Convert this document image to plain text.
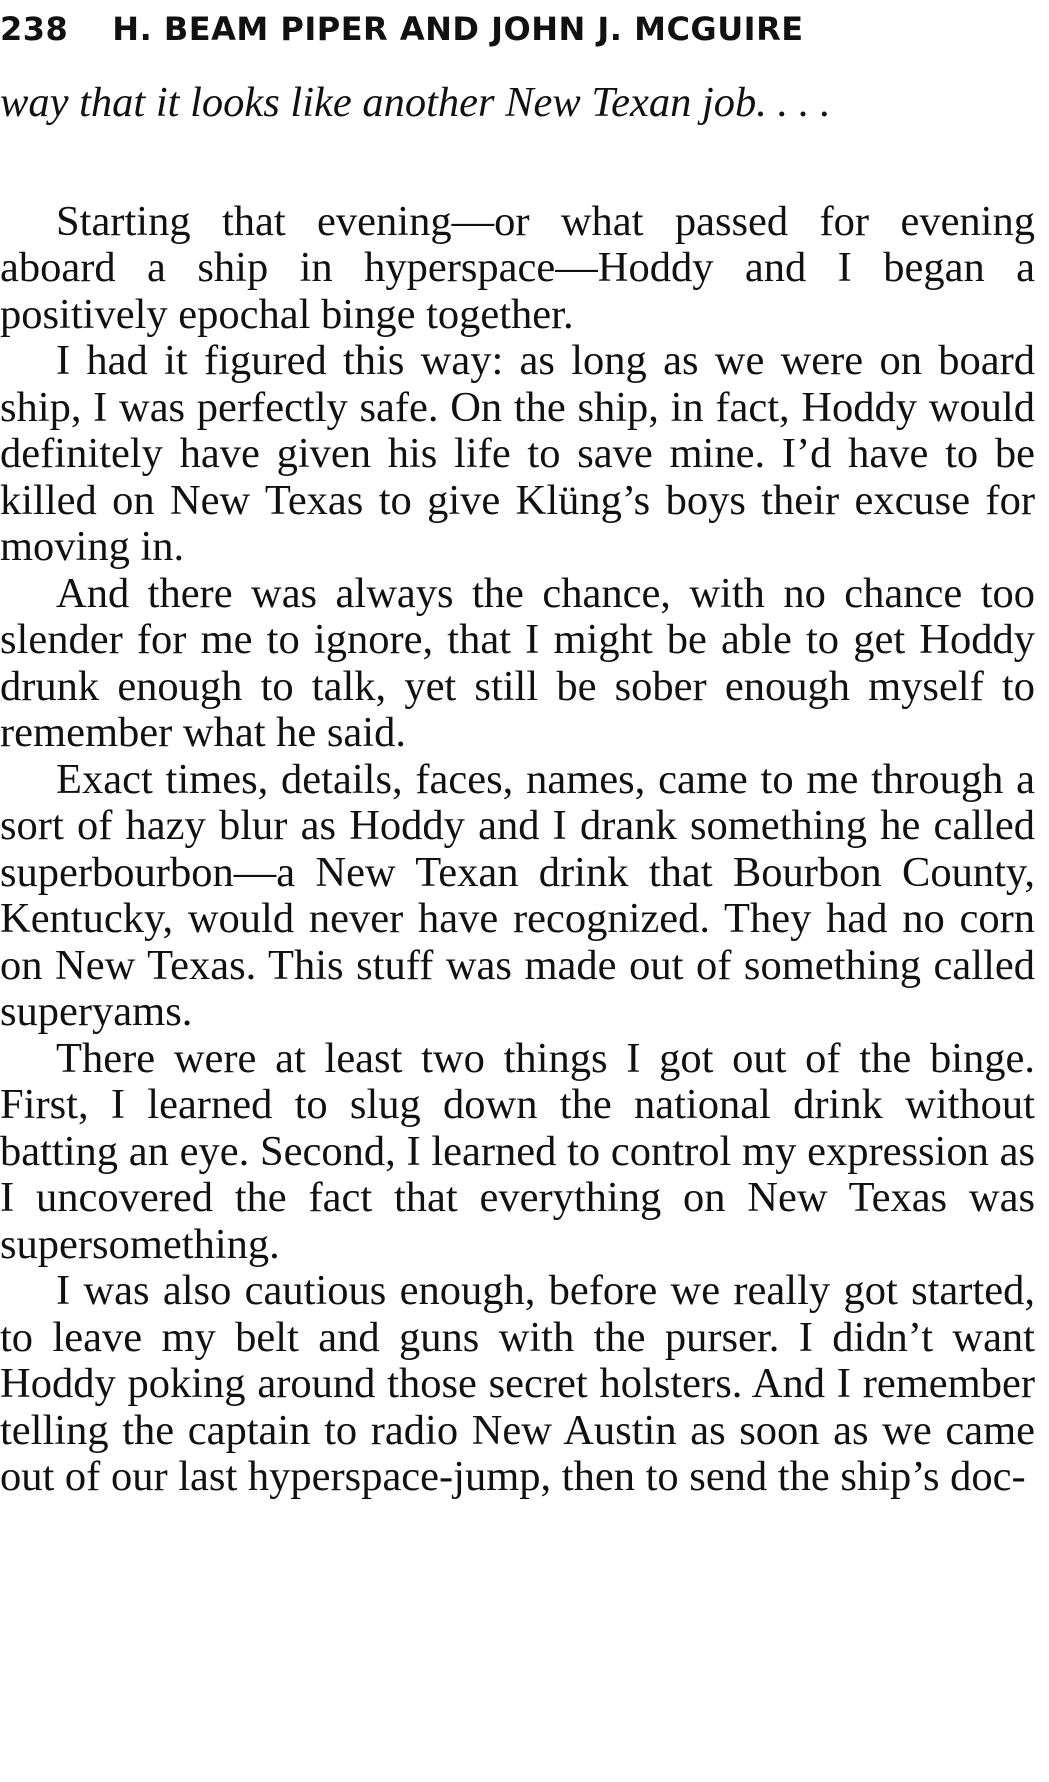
238 H. BEAM PIPER AND JOHN J. MCGUIRE

way that it looks like another New Texan job. . . .

Starting that evening—or what passed for evening aboard a ship in hyperspace—Hoddy and I began a positively epochal binge together.

I had it figured this way: as long as we were on board ship, I was perfectly safe. On the ship, in fact, Hoddy would definitely have given his life to save mine. I’d have to be killed on New Texas to give Klüng’s boys their excuse for moving in.

And there was always the chance, with no chance too slender for me to ignore, that I might be able to get Hoddy drunk enough to talk, yet still be sober enough myself to remember what he said.

Exact times, details, faces, names, came to me through a sort of hazy blur as Hoddy and I drank something he called superbourbon—a New Texan drink that Bourbon County, Kentucky, would never have recognized. They had no corn on New Texas. This stuff was made out of something called superyams.

There were at least two things I got out of the binge. First, I learned to slug down the national drink without batting an eye. Second, I learned to control my expression as I uncovered the fact that everything on New Texas was supersomething.

I was also cautious enough, before we really got started, to leave my belt and guns with the purser. I didn’t want Hoddy poking around those secret holsters. And I remember telling the captain to radio New Austin as soon as we came out of our last hyperspace-jump, then to send the ship’s doc-
